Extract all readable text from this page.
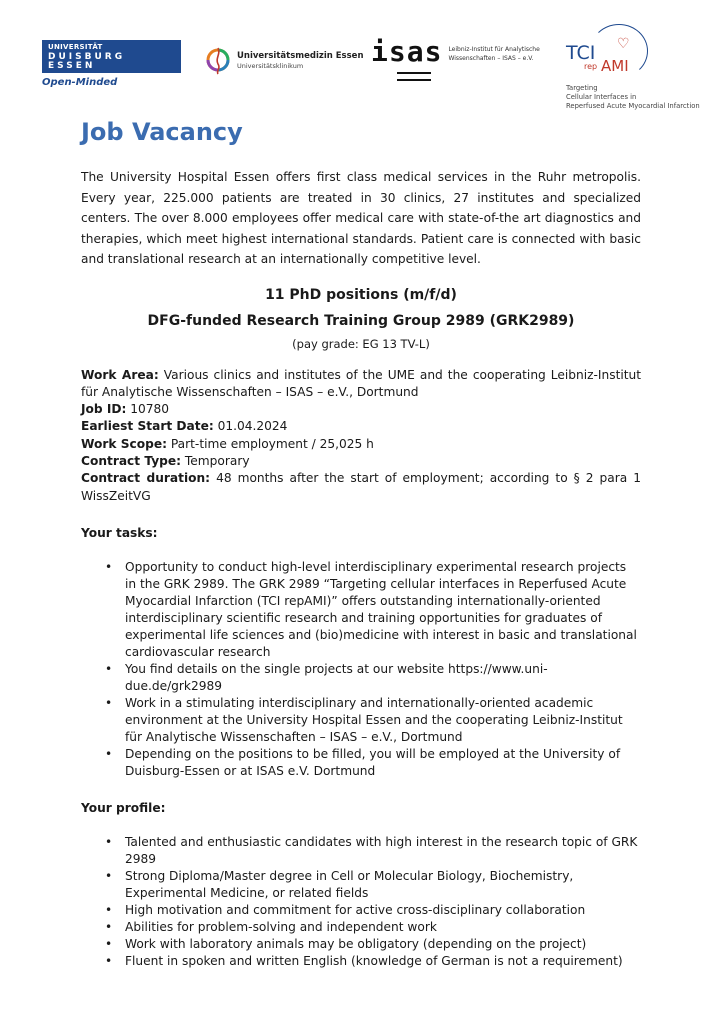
UNIVERSITÄT
DUISBURG
ESSEN
Open-Minded
Universitätsmedizin Essen
Universitätsklinikum	isas Leibniz-Institut für Analytische
Wissenschaften – ISAS – e.V.
♡
TCI
rep AMI
Targeting
Cellular Interfaces in
Reperfused Acute Myocardial Infarction
Job Vacancy

The University Hospital Essen offers first class medical services in the Ruhr metropolis. Every year, 225.000 patients are treated in 30 clinics, 27 institutes and specialized centers. The over 8.000 employees offer medical care with state-of-the art diagnostics and therapies, which meet highest international standards. Patient care is connected with basic and translational research at an internationally competitive level.

11 PhD positions (m/f/d)
DFG-funded Research Training Group 2989 (GRK2989)
(pay grade: EG 13 TV-L)
Work Area: Various clinics and institutes of the UME and the cooperating Leibniz-Institut für Analytische Wissenschaften – ISAS – e.V., Dortmund
Job ID: 10780
Earliest Start Date: 01.04.2024
Work Scope: Part-time employment / 25,025 h
Contract Type: Temporary
Contract duration: 48 months after the start of employment; according to § 2 para 1 WissZeitVG
Your tasks:
• Opportunity to conduct high-level interdisciplinary experimental research projects in the GRK 2989. The GRK 2989 “Targeting cellular interfaces in Reperfused Acute Myocardial Infarction (TCI repAMI)” offers outstanding internationally-oriented interdisciplinary scientific research and training opportunities for graduates of experimental life sciences and (bio)medicine with interest in basic and translational cardiovascular research
• You find details on the single projects at our website https://www.uni-due.de/grk2989
• Work in a stimulating interdisciplinary and internationally-oriented academic environment at the University Hospital Essen and the cooperating Leibniz-Institut für Analytische Wissenschaften – ISAS – e.V., Dortmund
• Depending on the positions to be filled, you will be employed at the University of Duisburg-Essen or at ISAS e.V. Dortmund
Your profile:
• Talented and enthusiastic candidates with high interest in the research topic of GRK 2989
• Strong Diploma/Master degree in Cell or Molecular Biology, Biochemistry, Experimental Medicine, or related fields
• High motivation and commitment for active cross-disciplinary collaboration
• Abilities for problem-solving and independent work
• Work with laboratory animals may be obligatory (depending on the project)
• Fluent in spoken and written English (knowledge of German is not a requirement)
